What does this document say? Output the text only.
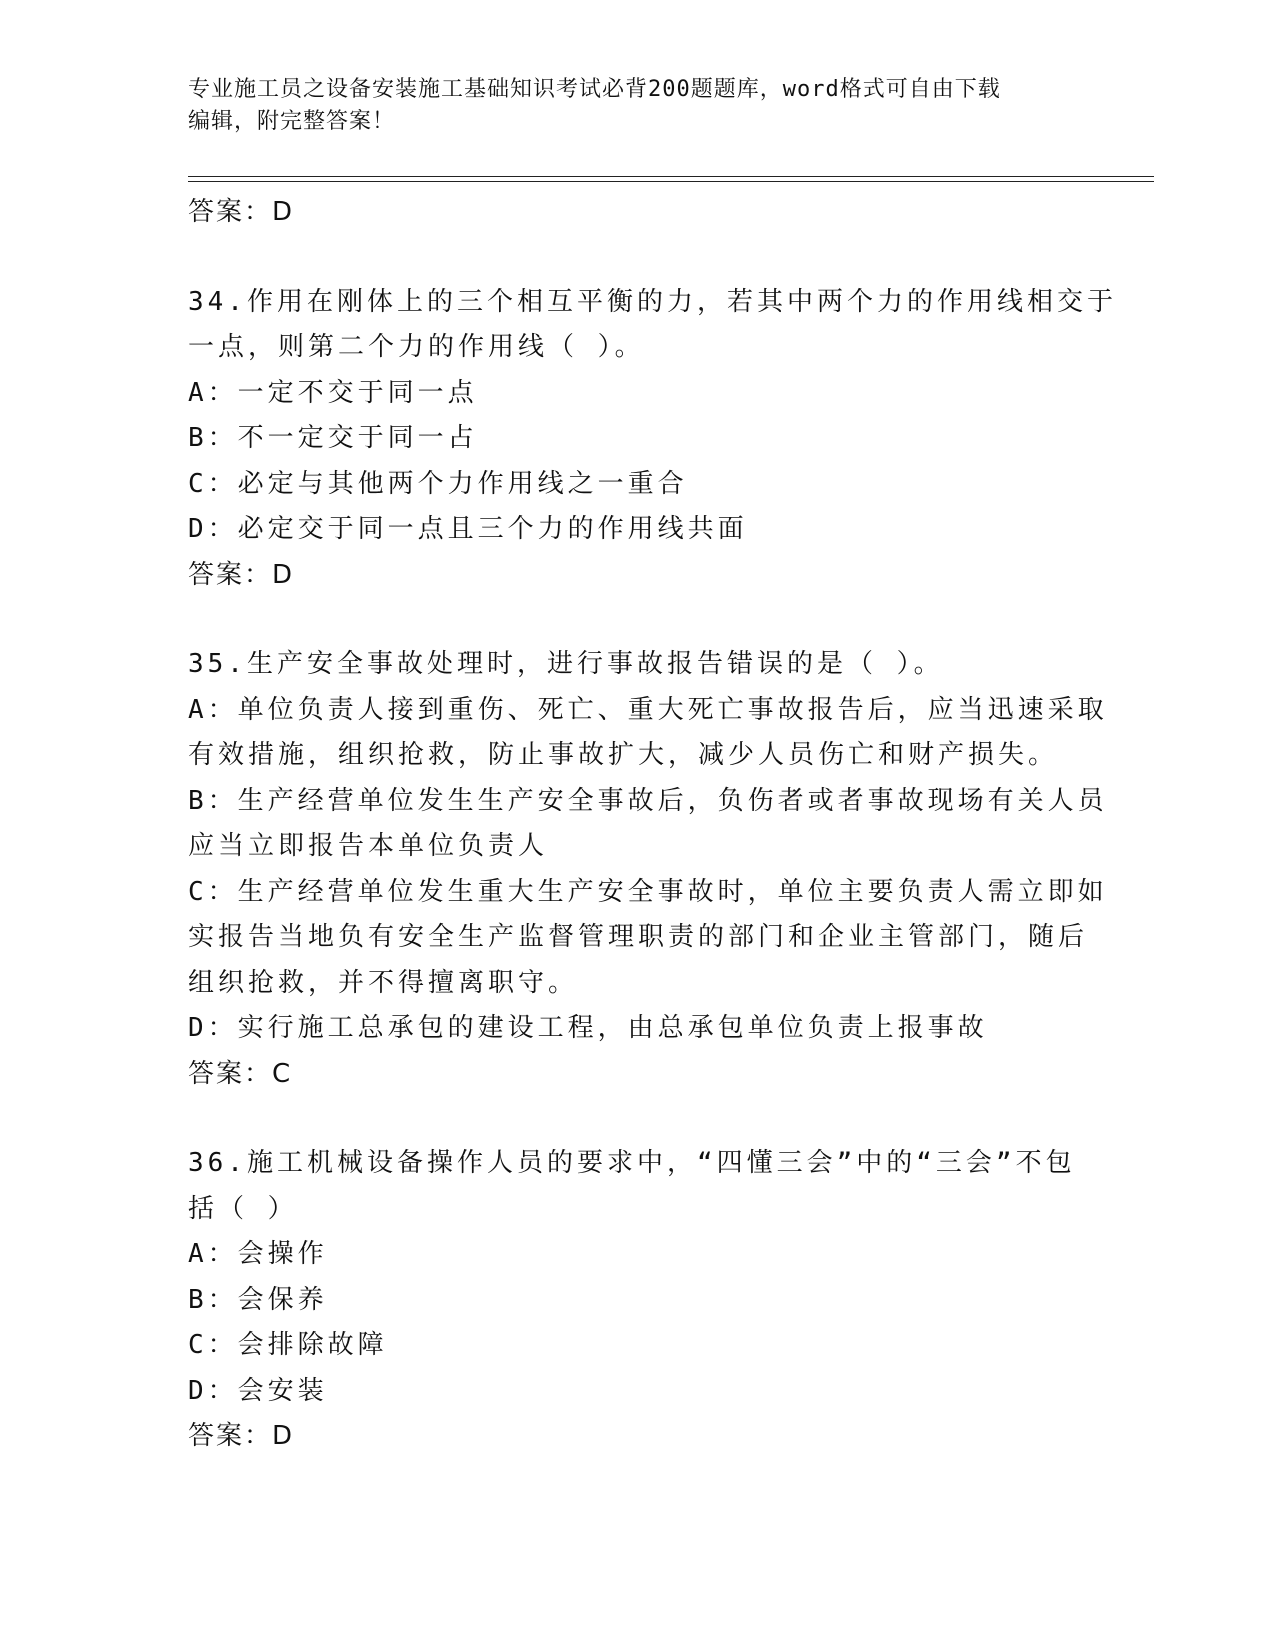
专业施工员之设备安装施工基础知识考试必背200题题库，word格式可自由下载
编辑，附完整答案！
答案：D
34.作用在刚体上的三个相互平衡的力，若其中两个力的作用线相交于
一点，则第二个力的作用线（ ）。
A：一定不交于同一点
B：不一定交于同一占
C：必定与其他两个力作用线之一重合
D：必定交于同一点且三个力的作用线共面
答案：D
35.生产安全事故处理时，进行事故报告错误的是（ ）。
A：单位负责人接到重伤、死亡、重大死亡事故报告后，应当迅速采取
有效措施，组织抢救，防止事故扩大，减少人员伤亡和财产损失。
B：生产经营单位发生生产安全事故后，负伤者或者事故现场有关人员
应当立即报告本单位负责人
C：生产经营单位发生重大生产安全事故时，单位主要负责人需立即如
实报告当地负有安全生产监督管理职责的部门和企业主管部门，随后
组织抢救，并不得擅离职守。
D：实行施工总承包的建设工程，由总承包单位负责上报事故
答案：C
36.施工机械设备操作人员的要求中，“四懂三会”中的“三会”不包
括（ ）
A：会操作
B：会保养
C：会排除故障
D：会安装
答案：D
